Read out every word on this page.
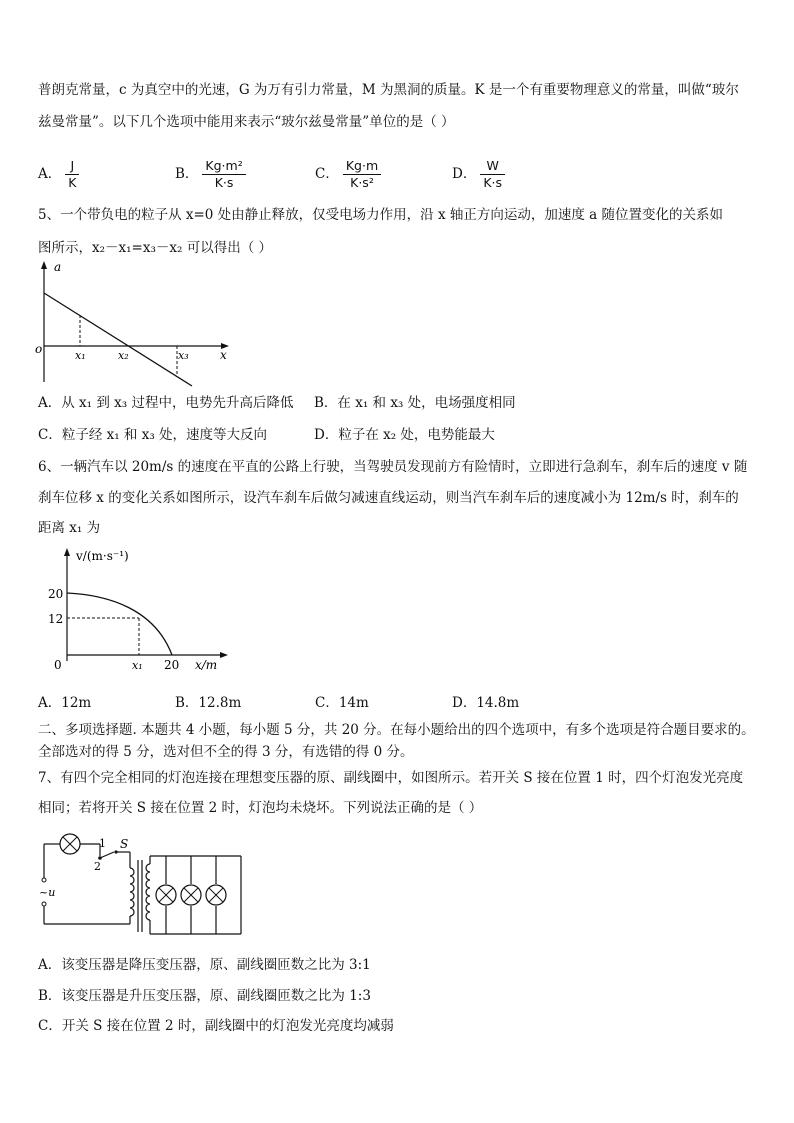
普朗克常量，c 为真空中的光速，G 为万有引力常量，M 为黑洞的质量。K 是一个有重要物理意义的常量，叫做“玻尔
兹曼常量”。以下几个选项中能用来表示“玻尔兹曼常量”单位的是（ ）
A． $\frac{J}{K}$	B． $\frac{\text{Kg·m²}}{K\cdot s}$	C． $\frac{Kg\cdot m}{\text{K·s²}}$	D． $\frac{W}{K\cdot s}$
5、一个带负电的粒子从 x=0 处由静止释放，仅受电场力作用，沿 x 轴正方向运动，加速度 a 随位置变化的关系如
图所示，x₂－x₁=x₃－x₂ 可以得出（ ）
a
o	x₁	x₂	x₃	x
A．从 x₁ 到 x₃ 过程中，电势先升高后降低 B．在 x₁ 和 x₃ 处，电场强度相同
C．粒子经 x₁ 和 x₃ 处，速度等大反向	D．粒子在 x₂ 处，电势能最大
6、一辆汽车以 20m/s 的速度在平直的公路上行驶，当驾驶员发现前方有险情时，立即进行急刹车，刹车后的速度 v 随
刹车位移 x 的变化关系如图所示，设汽车刹车后做匀减速直线运动，则当汽车刹车后的速度减小为 12m/s 时，刹车的
距离 x₁ 为
v/(m·s⁻¹)
20
12
0	x₁ 20 x/m
A．12m	B．12.8m	C．14m	D．14.8m
二、多项选择题. 本题共 4 小题，每小题 5 分，共 20 分。在每小题给出的四个选项中，有多个选项是符合题目要求的。
全部选对的得 5 分，选对但不全的得 3 分，有选错的得 0 分。
7、有四个完全相同的灯泡连接在理想变压器的原、副线圈中，如图所示。若开关 S 接在位置 1 时，四个灯泡发光亮度
相同；若将开关 S 接在位置 2 时，灯泡均未烧坏。下列说法正确的是（ ）
1
2
S
~u
A．该变压器是降压变压器，原、副线圈匝数之比为 3:1
B．该变压器是升压变压器，原、副线圈匝数之比为 1:3
C．开关 S 接在位置 2 时，副线圈中的灯泡发光亮度均减弱
